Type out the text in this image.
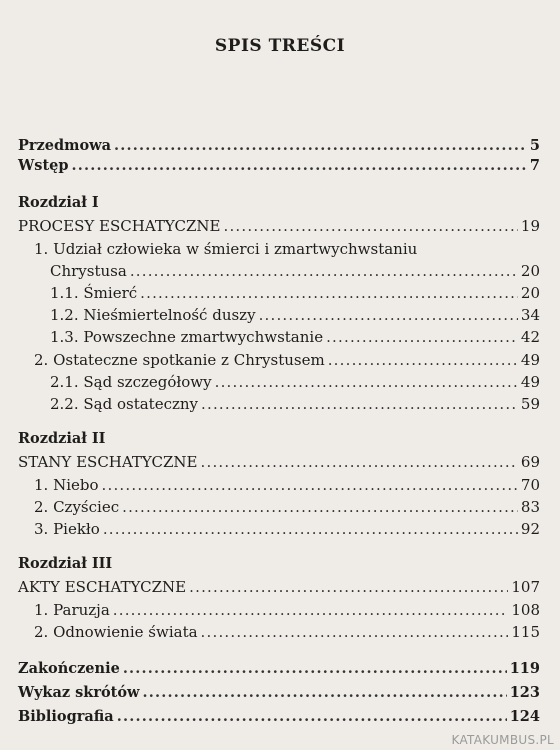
SPIS TREŚCI
Przedmowa .....	5
Wstęp .....	7
Rozdział I
PROCESY ESCHATYCZNE .....	19
1. Udział człowieka w śmierci i zmartwychwstaniu
Chrystusa .....	20
1.1. Śmierć .....	20
1.2. Nieśmiertelność duszy .....	34
1.3. Powszechne zmartwychwstanie .....	42
2. Ostateczne spotkanie z Chrystusem .....	49
2.1. Sąd szczegółowy .....	49
2.2. Sąd ostateczny .....	59
Rozdział II
STANY ESCHATYCZNE .....	69
1. Niebo .....	70
2. Czyściec .....	83
3. Piekło .....	92
Rozdział III
AKTY ESCHATYCZNE .....	107
1. Paruzja .....	108
2. Odnowienie świata .....	115
Zakończenie .....	119
Wykaz skrótów .....	123
Bibliografia .....	124
KATAKUMBUS.PL
